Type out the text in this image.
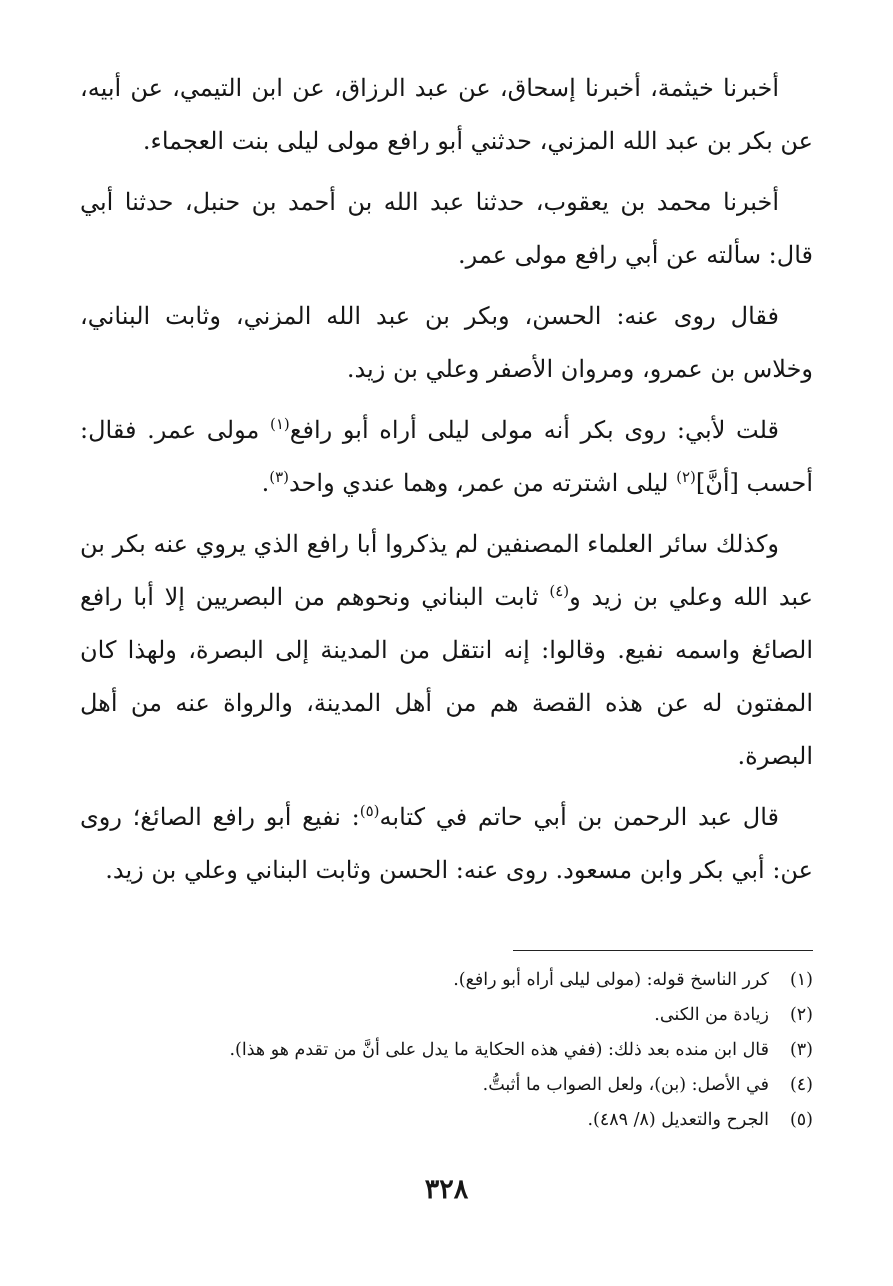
أخبرنا خيثمة، أخبرنا إسحاق، عن عبد الرزاق، عن ابن التيمي، عن أبيه، عن بكر بن عبد الله المزني، حدثني أبو رافع مولى ليلى بنت العجماء.

أخبرنا محمد بن يعقوب، حدثنا عبد الله بن أحمد بن حنبل، حدثنا أبي قال: سألته عن أبي رافع مولى عمر.

فقال روى عنه: الحسن، وبكر بن عبد الله المزني، وثابت البناني، وخلاس بن عمرو، ومروان الأصفر وعلي بن زيد.

قلت لأبي: روى بكر أنه مولى ليلى أراه أبو رافع$^{(١)}$ مولى عمر. فقال: أحسب [أنَّ]$^{(٢)}$ ليلى اشترته من عمر، وهما عندي واحد$^{(٣)}$.

وكذلك سائر العلماء المصنفين لم يذكروا أبا رافع الذي يروي عنه بكر بن عبد الله وعلي بن زيد و$^{(٤)}$ ثابت البناني ونحوهم من البصريين إلا أبا رافع الصائغ واسمه نفيع. وقالوا: إنه انتقل من المدينة إلى البصرة، ولهذا كان المفتون له عن هذه القصة هم من أهل المدينة، والرواة عنه من أهل البصرة.

قال عبد الرحمن بن أبي حاتم في كتابه$^{(٥)}$: نفيع أبو رافع الصائغ؛ روى عن: أبي بكر وابن مسعود. روى عنه: الحسن وثابت البناني وعلي بن زيد.

(١)
كرر الناسخ قوله: (مولى ليلى أراه أبو رافع).
(٢)
زيادة من الكنى.
(٣)
قال ابن منده بعد ذلك: (ففي هذه الحكاية ما يدل على أنَّ من تقدم هو هذا).
(٤)
في الأصل: (بن)، ولعل الصواب ما أثبتُّ.
(٥)
الجرح والتعديل (٨/ ٤٨٩).
٣٢٨
